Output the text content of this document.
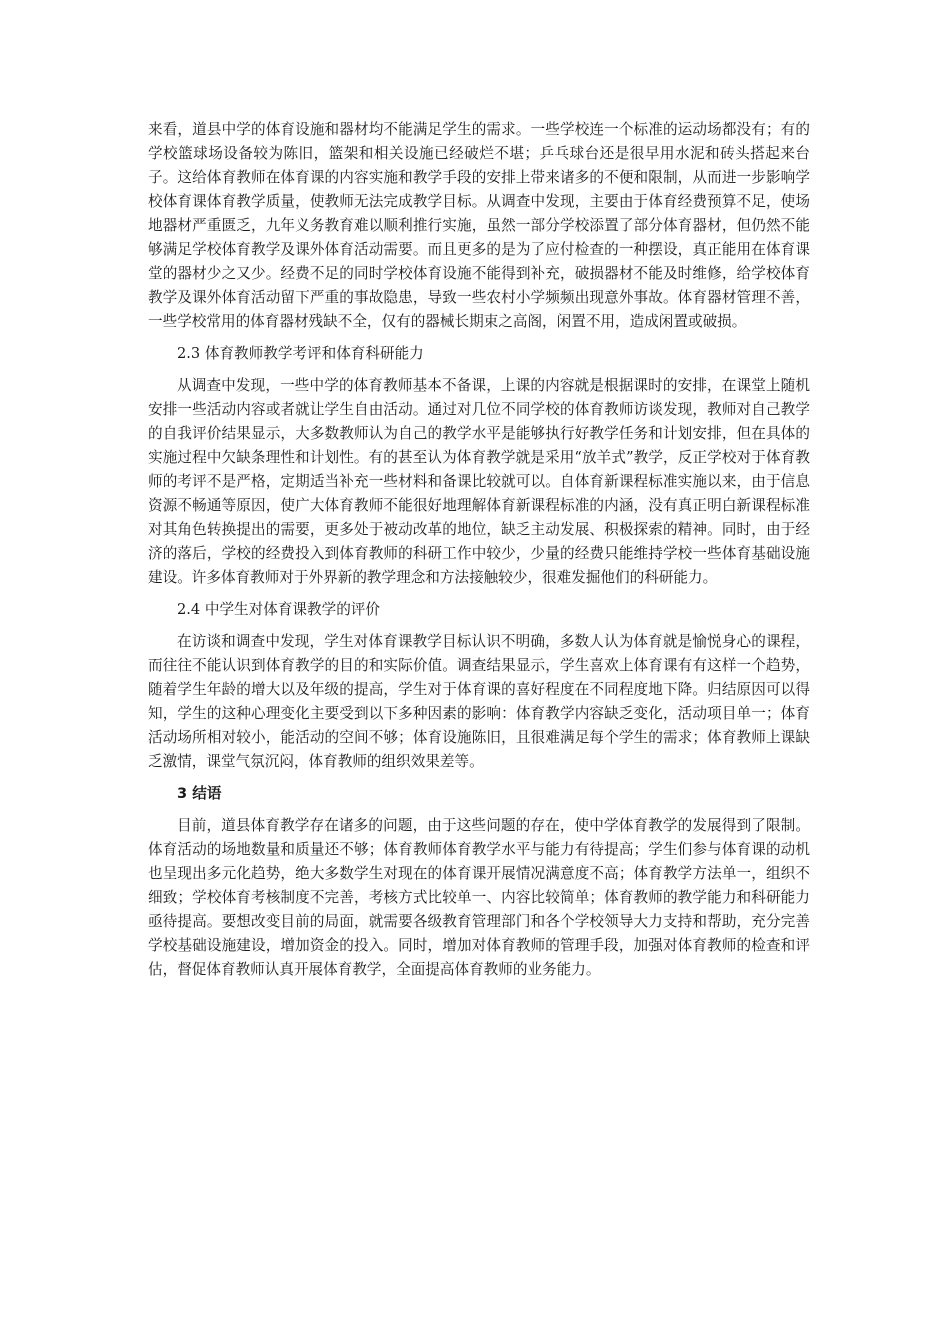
来看，道县中学的体育设施和器材均不能满足学生的需求。一些学校连一个标准的运动场都没有；有的学校篮球场设备较为陈旧，篮架和相关设施已经破烂不堪；乒乓球台还是很早用水泥和砖头搭起来台子。这给体育教师在体育课的内容实施和教学手段的安排上带来诸多的不便和限制，从而进一步影响学校体育课体育教学质量，使教师无法完成教学目标。从调查中发现，主要由于体育经费预算不足，使场地器材严重匮乏，九年义务教育难以顺利推行实施，虽然一部分学校添置了部分体育器材，但仍然不能够满足学校体育教学及课外体育活动需要。而且更多的是为了应付检查的一种摆设，真正能用在体育课堂的器材少之又少。经费不足的同时学校体育设施不能得到补充，破损器材不能及时维修，给学校体育教学及课外体育活动留下严重的事故隐患，导致一些农村小学频频出现意外事故。体育器材管理不善，一些学校常用的体育器材残缺不全，仅有的器械长期束之高阁，闲置不用，造成闲置或破损。

2.3 体育教师教学考评和体育科研能力

从调查中发现，一些中学的体育教师基本不备课，上课的内容就是根据课时的安排，在课堂上随机安排一些活动内容或者就让学生自由活动。通过对几位不同学校的体育教师访谈发现，教师对自己教学的自我评价结果显示，大多数教师认为自己的教学水平是能够执行好教学任务和计划安排，但在具体的实施过程中欠缺条理性和计划性。有的甚至认为体育教学就是采用“放羊式”教学，反正学校对于体育教师的考评不是严格，定期适当补充一些材料和备课比较就可以。自体育新课程标准实施以来，由于信息资源不畅通等原因，使广大体育教师不能很好地理解体育新课程标准的内涵，没有真正明白新课程标准对其角色转换提出的需要，更多处于被动改革的地位，缺乏主动发展、积极探索的精神。同时，由于经济的落后，学校的经费投入到体育教师的科研工作中较少，少量的经费只能维持学校一些体育基础设施建设。许多体育教师对于外界新的教学理念和方法接触较少，很难发掘他们的科研能力。

2.4 中学生对体育课教学的评价

在访谈和调查中发现，学生对体育课教学目标认识不明确，多数人认为体育就是愉悦身心的课程，而往往不能认识到体育教学的目的和实际价值。调查结果显示，学生喜欢上体育课有有这样一个趋势，随着学生年龄的增大以及年级的提高，学生对于体育课的喜好程度在不同程度地下降。归结原因可以得知，学生的这种心理变化主要受到以下多种因素的影响：体育教学内容缺乏变化，活动项目单一；体育活动场所相对较小，能活动的空间不够；体育设施陈旧，且很难满足每个学生的需求；体育教师上课缺乏激情，课堂气氛沉闷，体育教师的组织效果差等。

3 结语

目前，道县体育教学存在诸多的问题，由于这些问题的存在，使中学体育教学的发展得到了限制。体育活动的场地数量和质量还不够；体育教师体育教学水平与能力有待提高；学生们参与体育课的动机也呈现出多元化趋势，绝大多数学生对现在的体育课开展情况满意度不高；体育教学方法单一，组织不细致；学校体育考核制度不完善，考核方式比较单一、内容比较简单；体育教师的教学能力和科研能力亟待提高。要想改变目前的局面，就需要各级教育管理部门和各个学校领导大力支持和帮助，充分完善学校基础设施建设，增加资金的投入。同时，增加对体育教师的管理手段，加强对体育教师的检查和评估，督促体育教师认真开展体育教学，全面提高体育教师的业务能力。
